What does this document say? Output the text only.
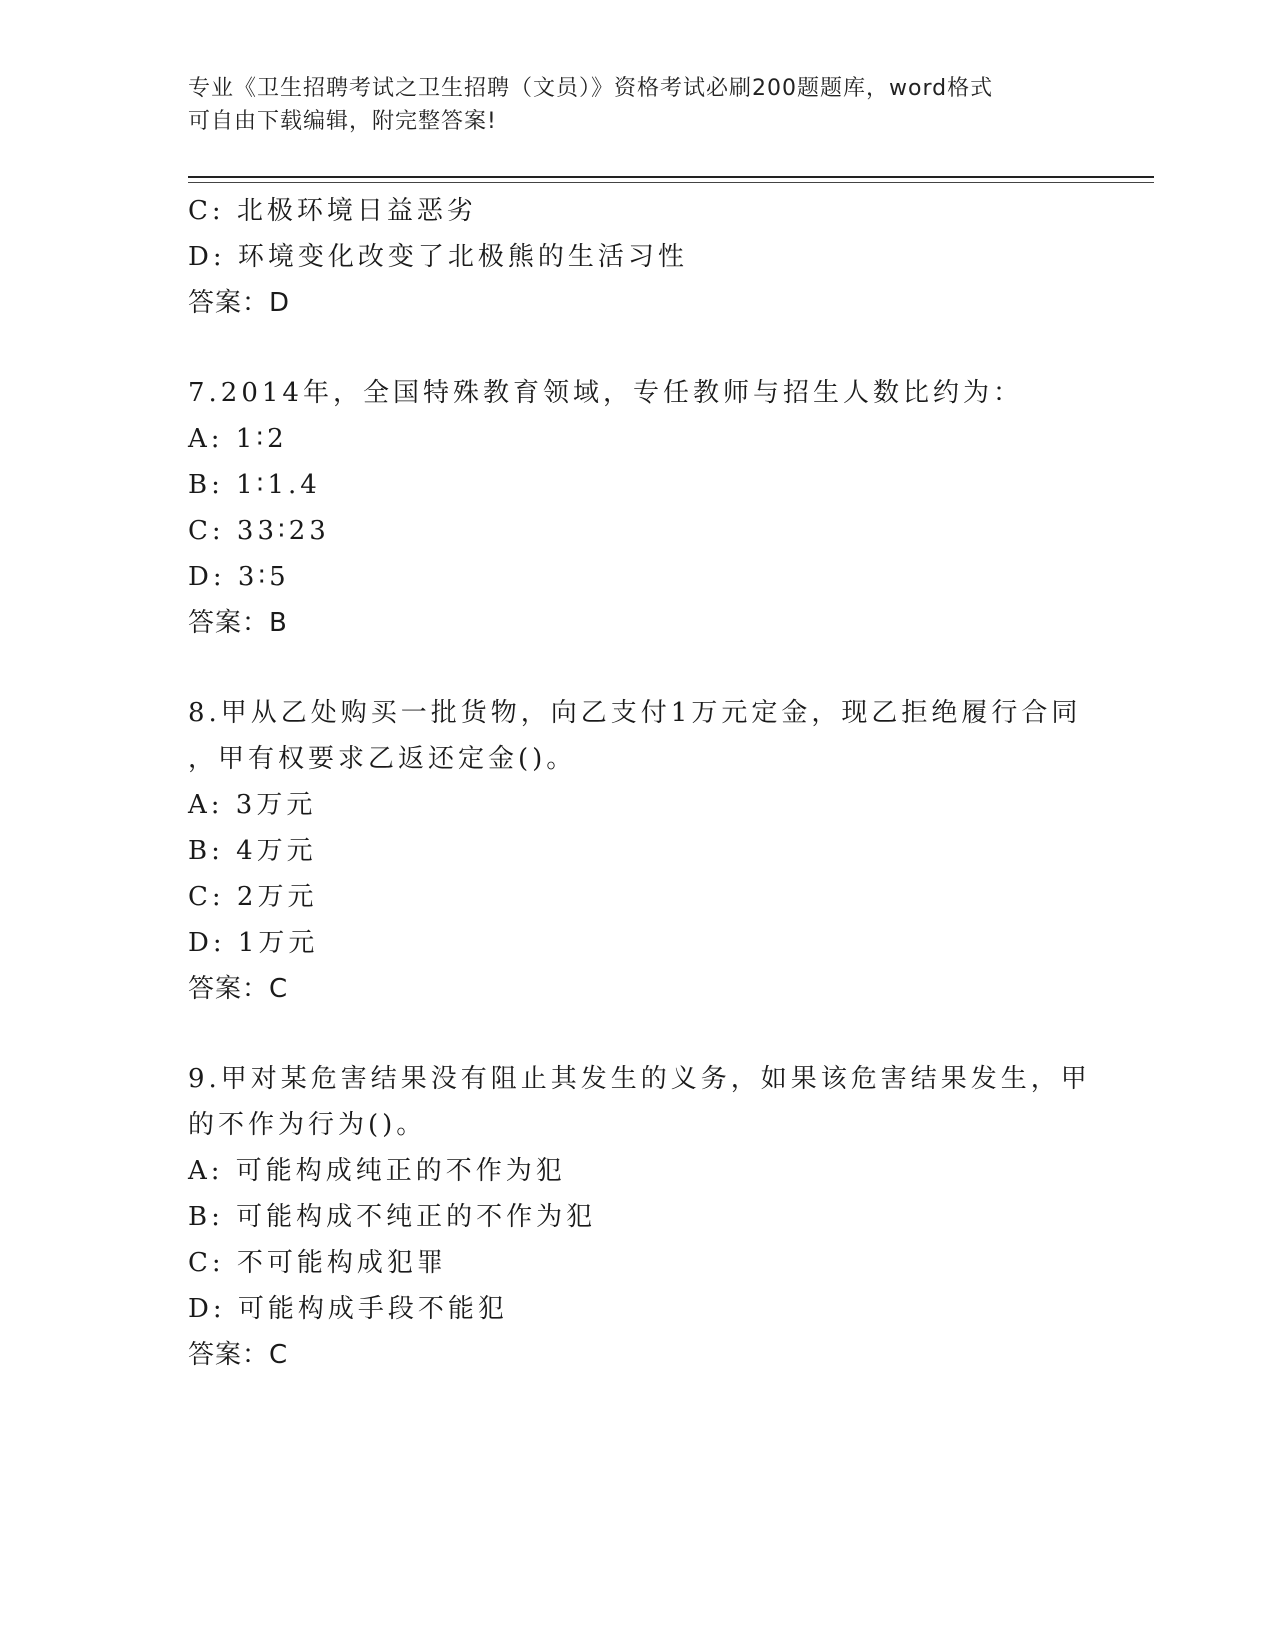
专业《卫生招聘考试之卫生招聘（文员）》资格考试必刷200题题库，word格式
可自由下载编辑，附完整答案!
C: 北极环境日益恶劣
D: 环境变化改变了北极熊的生活习性
答案：D
7.2014年，全国特殊教育领域，专任教师与招生人数比约为：
A: 1∶2
B: 1∶1.4
C: 33∶23
D: 3∶5
答案：B
8.甲从乙处购买一批货物，向乙支付1万元定金，现乙拒绝履行合同
，甲有权要求乙返还定金()。
A: 3万元
B: 4万元
C: 2万元
D: 1万元
答案：C
9.甲对某危害结果没有阻止其发生的义务，如果该危害结果发生，甲
的不作为行为()。
A: 可能构成纯正的不作为犯
B: 可能构成不纯正的不作为犯
C: 不可能构成犯罪
D: 可能构成手段不能犯
答案：C
